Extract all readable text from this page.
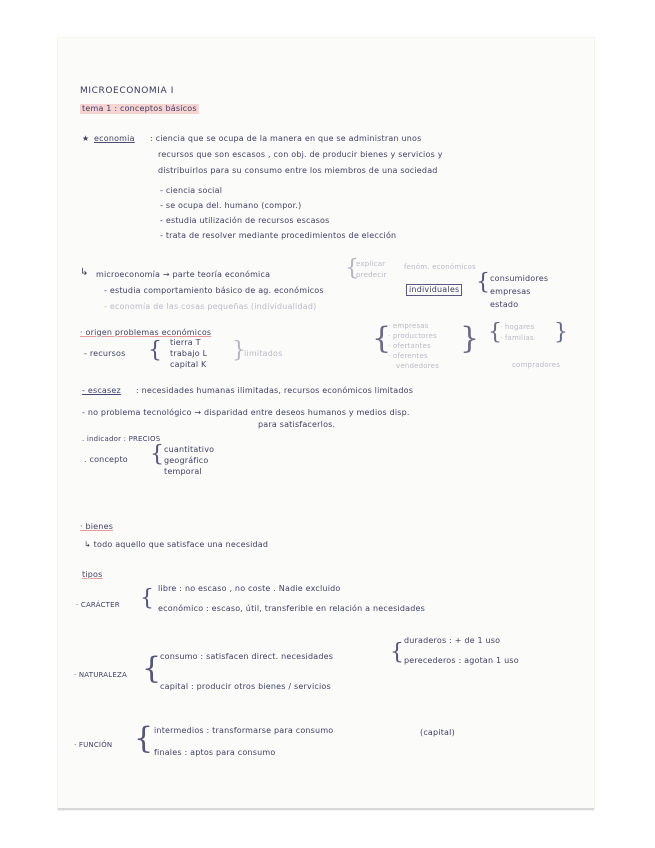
MICROECONOMIA I
tema 1 : conceptos básicos
★ economia : ciencia que se ocupa de la manera en que se administran unos
recursos que son escasos , con obj. de producir bienes y servicios y
distribuirlos para su consumo entre los miembros de una sociedad
- ciencia social
- se ocupa del. humano (compor.)
- estudia utilización de recursos escasos
- trata de resolver mediante procedimientos de elección
↳ microeconomía → parte teoría económica	{
explicar
predecir
fenóm. económicos
- estudia comportamiento básico de ag. económicos	individuales { consumidores
empresas
estado
- economía de las cosas pequeñas (individualidad)
· origen problemas económicos
- recursos { tierra T
trabajo L
capital K
}
limitados	{
· empresas
· productores
· ofertantes
· oferentes
vendedores
} {
· hogares
· familias }
compradores
- escasez : necesidades humanas ilimitadas, recursos económicos limitados
- no problema tecnológico → disparidad entre deseos humanos y medios disp.
para satisfacerlos.
. indicador : PRECIOS
. concepto { cuantitativo
geográfico
temporal
· bienes
↳ todo aquello que satisface una necesidad
tipos
· CARÁCTER { libre : no escaso , no coste . Nadie excluido
económico : escaso, útil, transferible en relación a necesidades
· NATURALEZA {
consumo : satisfacen direct. necesidades	{ duraderos : + de 1 uso
perecederos : agotan 1 uso
capital : producir otros bienes / servicios
· FUNCIÓN { intermedios : transformarse para consumo	(capital)
finales : aptos para consumo
